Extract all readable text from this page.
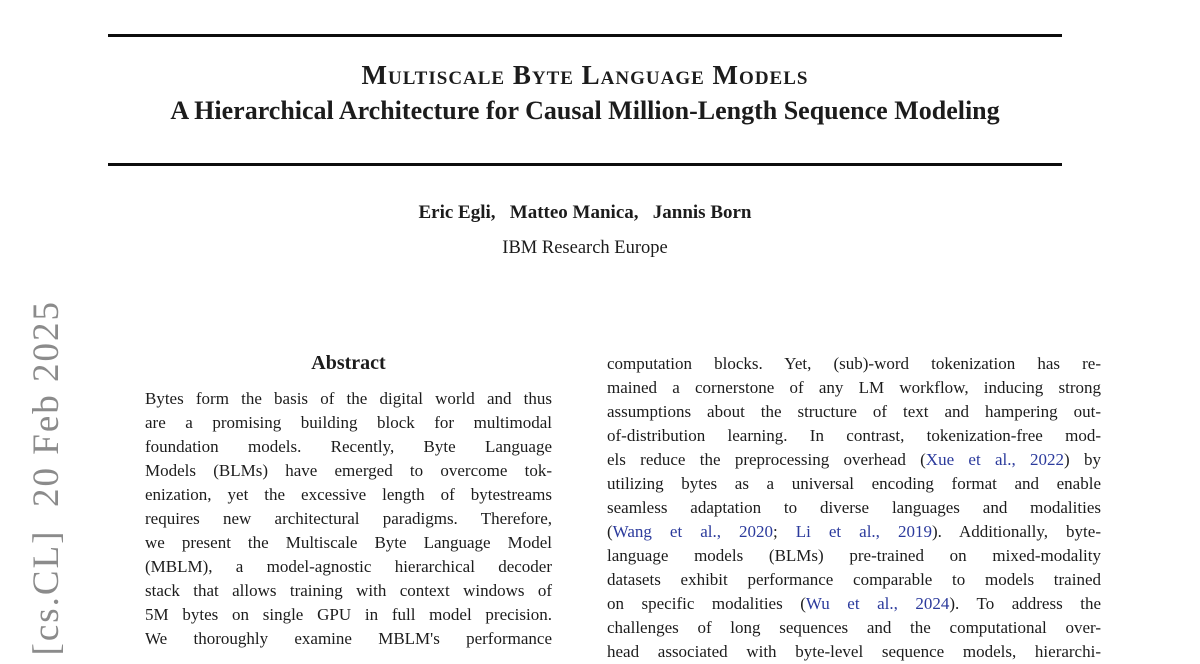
Multiscale Byte Language Models
A Hierarchical Architecture for Causal Million-Length Sequence Modeling
Eric Egli,   Matteo Manica,   Jannis Born
IBM Research Europe
[cs.CL]  20 Feb 2025	Abstract
Bytes form the basis of the digital world and thus
are a promising building block for multimodal
foundation models. Recently, Byte Language
Models (BLMs) have emerged to overcome tok-
enization, yet the excessive length of bytestreams
requires new architectural paradigms. Therefore,
we present the Multiscale Byte Language Model
(MBLM), a model-agnostic hierarchical decoder
stack that allows training with context windows of
5M bytes on single GPU in full model precision.
We thoroughly examine MBLM's performance
computation blocks. Yet, (sub)-word tokenization has re-
mained a cornerstone of any LM workflow, inducing strong
assumptions about the structure of text and hampering out-
of-distribution learning. In contrast, tokenization-free mod-
els reduce the preprocessing overhead (Xue et al., 2022) by
utilizing bytes as a universal encoding format and enable
seamless adaptation to diverse languages and modalities
(Wang et al., 2020; Li et al., 2019). Additionally, byte-
language models (BLMs) pre-trained on mixed-modality
datasets exhibit performance comparable to models trained
on specific modalities (Wu et al., 2024). To address the
challenges of long sequences and the computational over-
head associated with byte-level sequence models, hierarchi-
